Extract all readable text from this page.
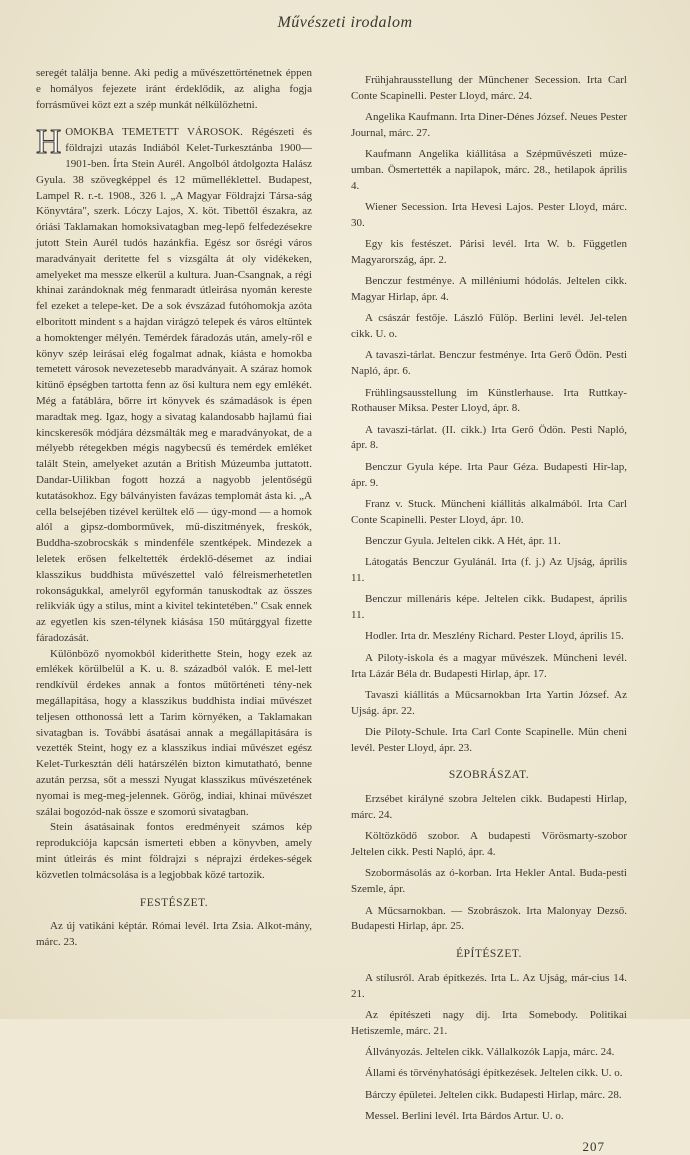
Művészeti irodalom

seregét találja benne. Aki pedig a művészettörténetnek éppen e homályos fejezete iránt érdeklődik, az aligha fogja forrásművei közt ezt a szép munkát nélkülözhetni.

HOMOKBA TEMETETT VÁROSOK. Régészeti és földrajzi utazás Indiából Kelet-Turkesztánba 1900—1901-ben. Írta Stein Aurél. Angolból átdolgozta Halász Gyula. 38 szövegképpel és 12 műmelléklettel. Budapest, Lampel R. r.-t. 1908., 326 l. „A Magyar Földrajzi Társa-ság Könyvtára", szerk. Lóczy Lajos, X. köt. Tibettől északra, az óriási Taklamakan homoksivatagban meg-lepő felfedezésekre jutott Stein Aurél tudós hazánkfia. Egész sor ősrégi város maradványait deritette fel s vizsgálta át oly vidékeken, amelyeket ma messze elkerül a kultura. Juan-Csangnak, a régi khinai zarándoknak még fenmaradt útleirása nyomán kereste fel ezeket a telepe-ket. De a sok évszázad futóhomokja azóta elboritott mindent s a hajdan virágzó telepek és város eltüntek a homoktenger mélyén. Temérdek fáradozás után, amely-ről e könyv szép leirásai elég fogalmat adnak, kiásta e homokba temetett városok nevezetesebb maradványait. A száraz homok kitünő épségben tartotta fenn az ősi kultura nem egy emlékét. Még a fatáblára, bőrre irt könyvek és számadások is épen maradtak meg. Igaz, hogy a sivatag kalandosabb hajlamú fiai kincskeresők módjára dézsmálták meg e maradványokat, de a mélyebb rétegekben mégis nagybecsű és temérdek emléket talált Stein, amelyeket azután a British Múzeumba juttatott. Dandar-Uilikban fogott hozzá a nagyobb jelentőségű kutatásokhoz. Egy bálványisten favázas templomát ásta ki. „A cella belsejében tizével kerültek elő — úgy-mond — a homok alól a gipsz-domborművek, mű-diszitmények, freskók, Buddha-szobrocskák s mindenféle szentképek. Mindezek a leletek erősen felkeltették érdeklő-désemet az indiai klasszikus buddhista művészettel való félreismerhetetlen rokonságukkal, amelyről egyformán tanuskodtak az összes relikviák úgy a stilus, mint a kivitel tekintetében." Csak ennek az egyetlen kis szen-télynek kiásása 150 műtárggyal fizette fáradozását.

Különböző nyomokból kiderithette Stein, hogy ezek az emlékek körülbelül a K. u. 8. századból valók. E mel-lett rendkívül érdekes annak a fontos műtörténeti tény-nek megállapitása, hogy a klasszikus buddhista indiai művészet teljesen otthonossá lett a Tarim környéken, a Taklamakan sivatagban is. További ásatásai annak a megállapitására is vezették Steint, hogy ez a klasszikus indiai művészet egész Kelet-Turkesztán déli határszélén bizton kimutatható, benne azután perzsa, sőt a messzi Nyugat klasszikus művészetének nyomai is meg-meg-jelennek. Görög, indiai, khinai művészet szálai bogozód-nak össze e szomorú sivatagban.

Stein ásatásainak fontos eredményeit számos kép reprodukciója kapcsán ismerteti ebben a könyvben, amely mint útleirás és mint földrajzi s néprajzi érdekes-ségek közvetlen tolmácsolása is a legjobbak közé tartozik.

FESTÉSZET.

Az új vatikáni képtár. Római levél. Irta Zsia. Alkot-mány, márc. 23.

Frühjahrausstellung der Münchener Secession. Irta Carl Conte Scapinelli. Pester Lloyd, márc. 24.

Angelika Kaufmann. Irta Diner-Dénes József. Neues Pester Journal, márc. 27.

Kaufmann Angelika kiállitása a Szépművészeti múze-umban. Ösmertették a napilapok, márc. 28., hetilapok április 4.

Wiener Secession. Irta Hevesi Lajos. Pester Lloyd, márc. 30.

Egy kis festészet. Párisi levél. Irta W. b. Független Magyarország, ápr. 2.

Benczur festménye. A milléniumi hódolás. Jeltelen cikk. Magyar Hirlap, ápr. 4.

A császár festője. László Fülöp. Berlini levél. Jel-telen cikk. U. o.

A tavaszi-tárlat. Benczur festménye. Irta Gerő Ödön. Pesti Napló, ápr. 6.

Frühlingsausstellung im Künstlerhause. Irta Ruttkay-Rothauser Miksa. Pester Lloyd, ápr. 8.

A tavaszi-tárlat. (II. cikk.) Irta Gerő Ödön. Pesti Napló, ápr. 8.

Benczur Gyula képe. Irta Paur Géza. Budapesti Hir-lap, ápr. 9.

Franz v. Stuck. Müncheni kiállitás alkalmából. Irta Carl Conte Scapinelli. Pester Lloyd, ápr. 10.

Benczur Gyula. Jeltelen cikk. A Hét, ápr. 11.

Látogatás Benczur Gyulánál. Irta (f. j.) Az Ujság, április 11.

Benczur millenáris képe. Jeltelen cikk. Budapest, április 11.

Hodler. Irta dr. Meszlény Richard. Pester Lloyd, április 15.

A Piloty-iskola és a magyar művészek. Müncheni levél. Irta Lázár Béla dr. Budapesti Hirlap, ápr. 17.

Tavaszi kiállitás a Műcsarnokban Irta Yartin József. Az Ujság. ápr. 22.

Die Piloty-Schule. Irta Carl Conte Scapinelle. Mün cheni levél. Pester Lloyd, ápr. 23.

SZOBRÁSZAT.

Erzsébet királyné szobra Jeltelen cikk. Budapesti Hirlap, márc. 24.

Költözködő szobor. A budapesti Vörösmarty-szobor Jeltelen cikk. Pesti Napló, ápr. 4.

Szobormásolás az ó-korban. Irta Hekler Antal. Buda-pesti Szemle, ápr.

A Műcsarnokban. — Szobrászok. Irta Malonyay Dezső. Budapesti Hirlap, ápr. 25.

ÉPÍTÉSZET.

A stílusról. Arab építkezés. Irta L. Az Ujság, már-cius 14. 21.

Az építészeti nagy dij. Irta Somebody. Politikai Hetiszemle, márc. 21.

Állványozás. Jeltelen cikk. Vállalkozók Lapja, márc. 24.

Állami és törvényhatósági építkezések. Jeltelen cikk. U. o.

Bárczy épületei. Jeltelen cikk. Budapesti Hirlap, márc. 28.

Messel. Berlini levél. Irta Bárdos Artur. U. o.

207
